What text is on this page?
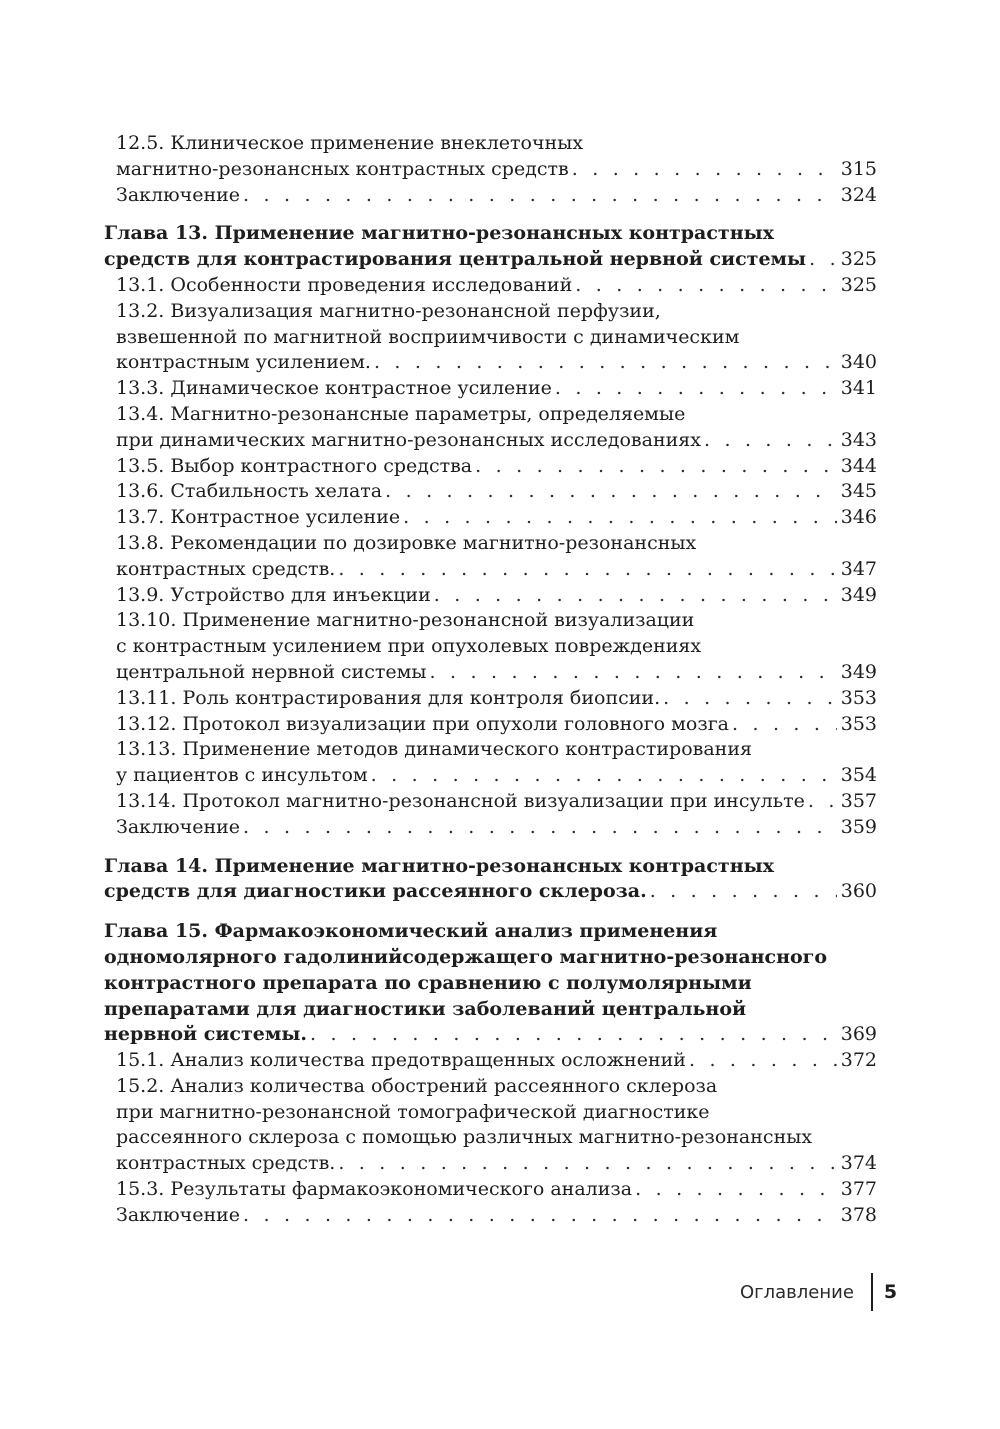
12.5. Клиническое применение внеклеточных
магнитно-резонансных контрастных средств . . .	315
Заключение . . .	324
Глава 13. Применение магнитно-резонансных контрастных
средств для контрастирования центральной нервной системы . . . 325
13.1. Особенности проведения исследований . . .	325
13.2. Визуализация магнитно-резонансной перфузии,
взвешенной по магнитной восприимчивости с динамическим
контрастным усилением. . . .	340
13.3. Динамическое контрастное усиление . . .	341
13.4. Магнитно-резонансные параметры, определяемые
при динамических магнитно-резонансных исследованиях . . .	343
13.5. Выбор контрастного средства . . .	344
13.6. Стабильность хелата . . .	345
13.7. Контрастное усиление . . .	346
13.8. Рекомендации по дозировке магнитно-резонансных
контрастных средств. . . .	347
13.9. Устройство для инъекции . . .	349
13.10. Применение магнитно-резонансной визуализации
с контрастным усилением при опухолевых повреждениях
центральной нервной системы . . .	349
13.11. Роль контрастирования для контроля биопсии. . . .	353
13.12. Протокол визуализации при опухоли головного мозга . . .	353
13.13. Применение методов динамического контрастирования
у пациентов с инсультом . . .	354
13.14. Протокол магнитно-резонансной визуализации при инсульте . . . 357
Заключение . . .	359
Глава 14. Применение магнитно-резонансных контрастных
средств для диагностики рассеянного склероза. . . .	360
Глава 15. Фармакоэкономический анализ применения
одномолярного гадолинийсодержащего магнитно-резонансного
контрастного препарата по сравнению с полумолярными
препаратами для диагностики заболеваний центральной
нервной системы. . . .	369
15.1. Анализ количества предотвращенных осложнений . . .	372
15.2. Анализ количества обострений рассеянного склероза
при магнитно-резонансной томографической диагностике
рассеянного склероза с помощью различных магнитно-резонансных
контрастных средств. . . .	374
15.3. Результаты фармакоэкономического анализа . . .	377
Заключение . . .	378
Оглавление 5
